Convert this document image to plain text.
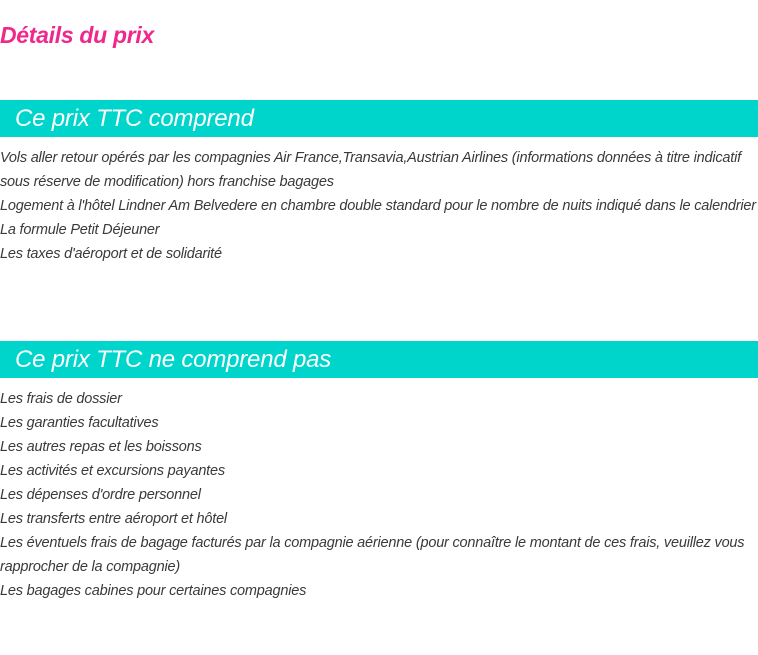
Détails du prix
Ce prix TTC comprend
Vols aller retour opérés par les compagnies Air France,Transavia,Austrian Airlines (informations données à titre indicatif sous réserve de modification) hors franchise bagages
Logement à l'hôtel Lindner Am Belvedere en chambre double standard pour le nombre de nuits indiqué dans le calendrier
La formule Petit Déjeuner
Les taxes d'aéroport et de solidarité
Ce prix TTC ne comprend pas
Les frais de dossier
Les garanties facultatives
Les autres repas et les boissons
Les activités et excursions payantes
Les dépenses d'ordre personnel
Les transferts entre aéroport et hôtel
Les éventuels frais de bagage facturés par la compagnie aérienne (pour connaître le montant de ces frais, veuillez vous rapprocher de la compagnie)
Les bagages cabines pour certaines compagnies
